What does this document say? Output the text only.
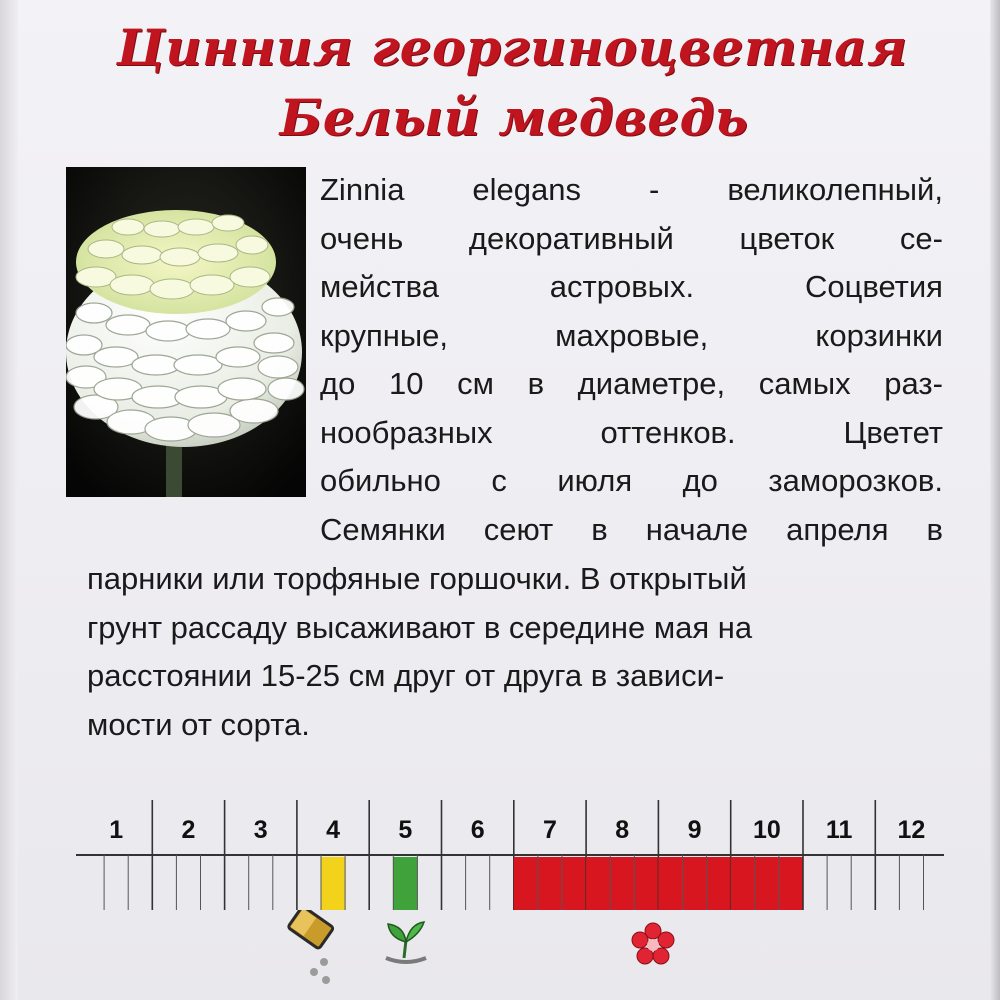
Цинния георгиноцветная
Белый медведь
Zinnia elegans - великолепный,
очень декоративный цветок се-
мейства	астровых.	Соцветия
крупные,	махровые,	корзинки
до 10 см в диаметре, самых раз-
нообразных	оттенков.	Цветет
обильно с июля до заморозков.
Семянки сеют в начале апреля в
парники или торфяные горшочки. В открытый
грунт рассаду высаживают в середине мая на
расстоянии 15-25 см друг от друга в зависи-
мости от сорта.
1 2 3 4 5 6 7 8 9 10 11 12
